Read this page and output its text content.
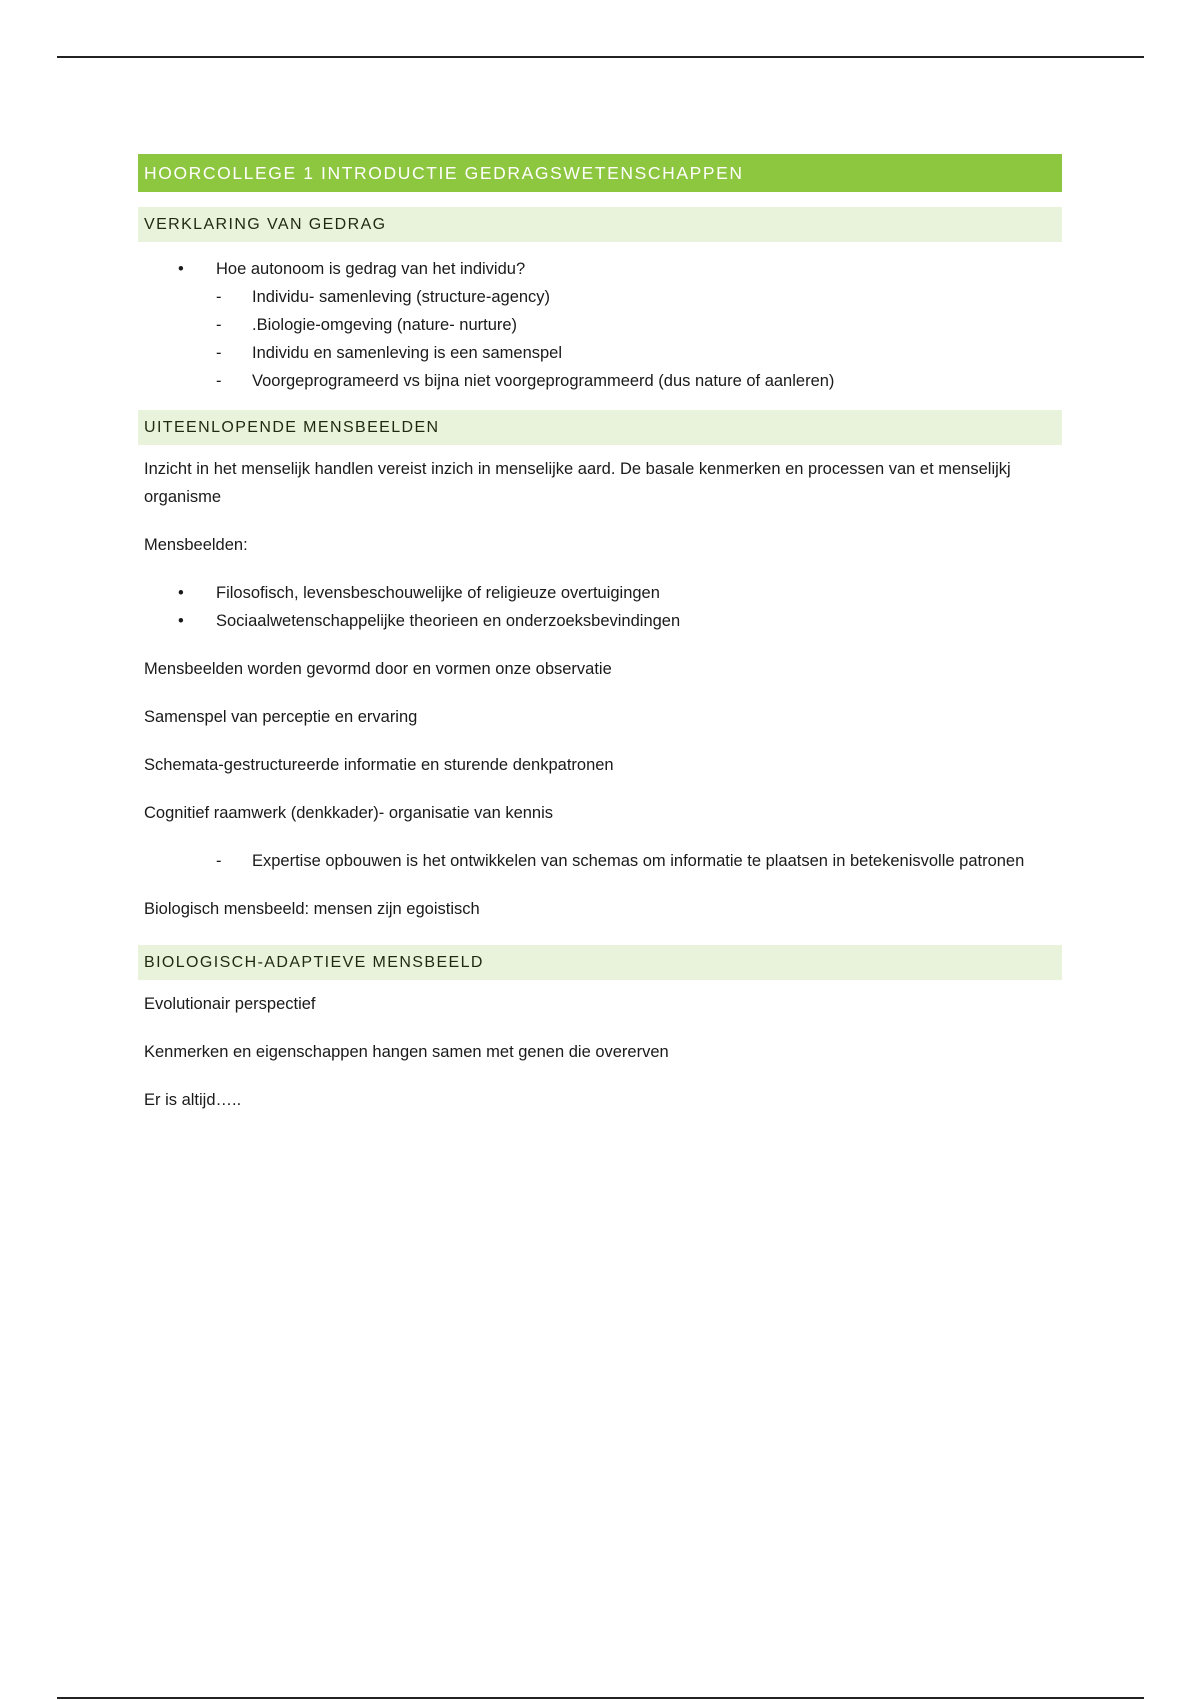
HOORCOLLEGE 1 INTRODUCTIE GEDRAGSWETENSCHAPPEN
VERKLARING VAN GEDRAG
• Hoe autonoom is gedrag van het individu?
- Individu- samenleving (structure-agency)
- .Biologie-omgeving (nature- nurture)
- Individu en samenleving is een samenspel
- Voorgeprogrameerd vs bijna niet voorgeprogrammeerd (dus nature of aanleren)
UITEENLOPENDE MENSBEELDEN

Inzicht in het menselijk handlen vereist inzich in menselijke aard. De basale kenmerken en processen van et menselijkj organisme

Mensbeelden:

• Filosofisch, levensbeschouwelijke of religieuze overtuigingen
• Sociaalwetenschappelijke theorieen en onderzoeksbevindingen

Mensbeelden worden gevormd door en vormen onze observatie

Samenspel van perceptie en ervaring

Schemata-gestructureerde informatie en sturende denkpatronen

Cognitief raamwerk (denkkader)- organisatie van kennis

- Expertise opbouwen is het ontwikkelen van schemas om informatie te plaatsen in betekenisvolle patronen

Biologisch mensbeeld: mensen zijn egoistisch

BIOLOGISCH-ADAPTIEVE MENSBEELD

Evolutionair perspectief

Kenmerken en eigenschappen hangen samen met genen die overerven

Er is altijd…..
